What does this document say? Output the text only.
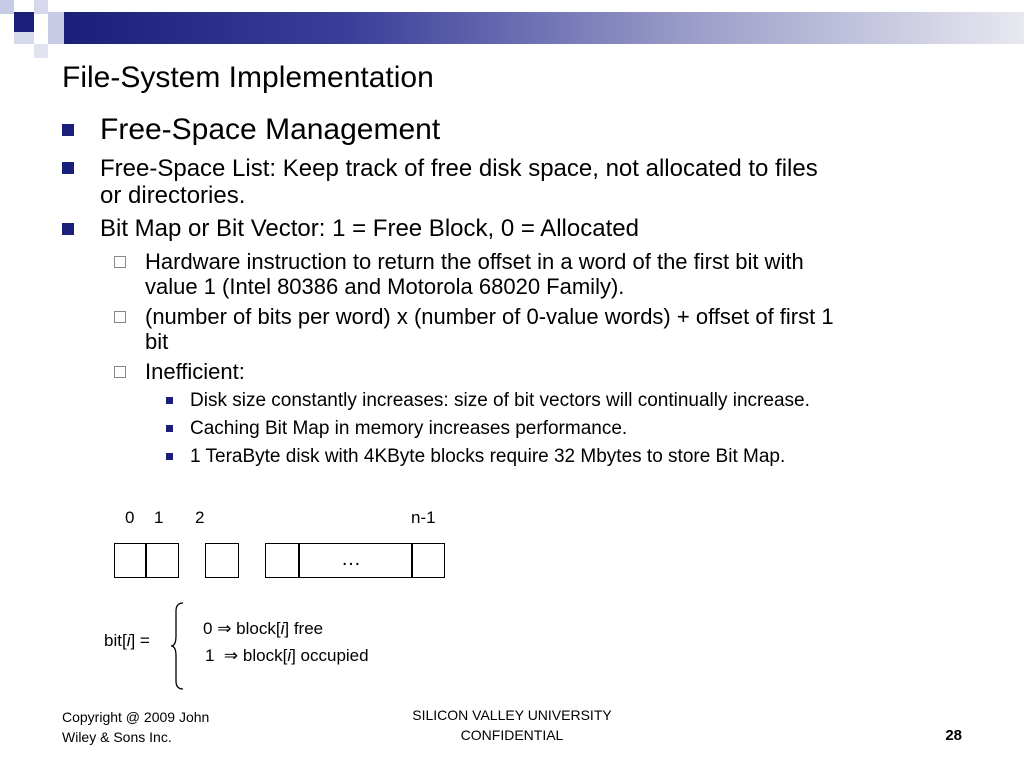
File-System Implementation
Free-Space Management
Free-Space List: Keep track of free disk space, not allocated to files
or directories.
Bit Map or Bit Vector: 1 = Free Block, 0 = Allocated
Hardware instruction to return the offset in a word of the first bit with
value 1 (Intel 80386 and Motorola 68020 Family).
(number of bits per word) x (number of 0-value words) + offset of first 1
bit
Inefficient:
Disk size constantly increases: size of bit vectors will continually increase.
Caching Bit Map in memory increases performance.
1 TeraByte disk with 4KByte blocks require 32 Mbytes to store Bit Map.
0 1 2	n-1
…
bit[i] =
0 ⇒ block[i] free
1 ⇒ block[i] occupied
Copyright @ 2009 John
Wiley & Sons Inc.
SILICON VALLEY UNIVERSITY
CONFIDENTIAL	28
